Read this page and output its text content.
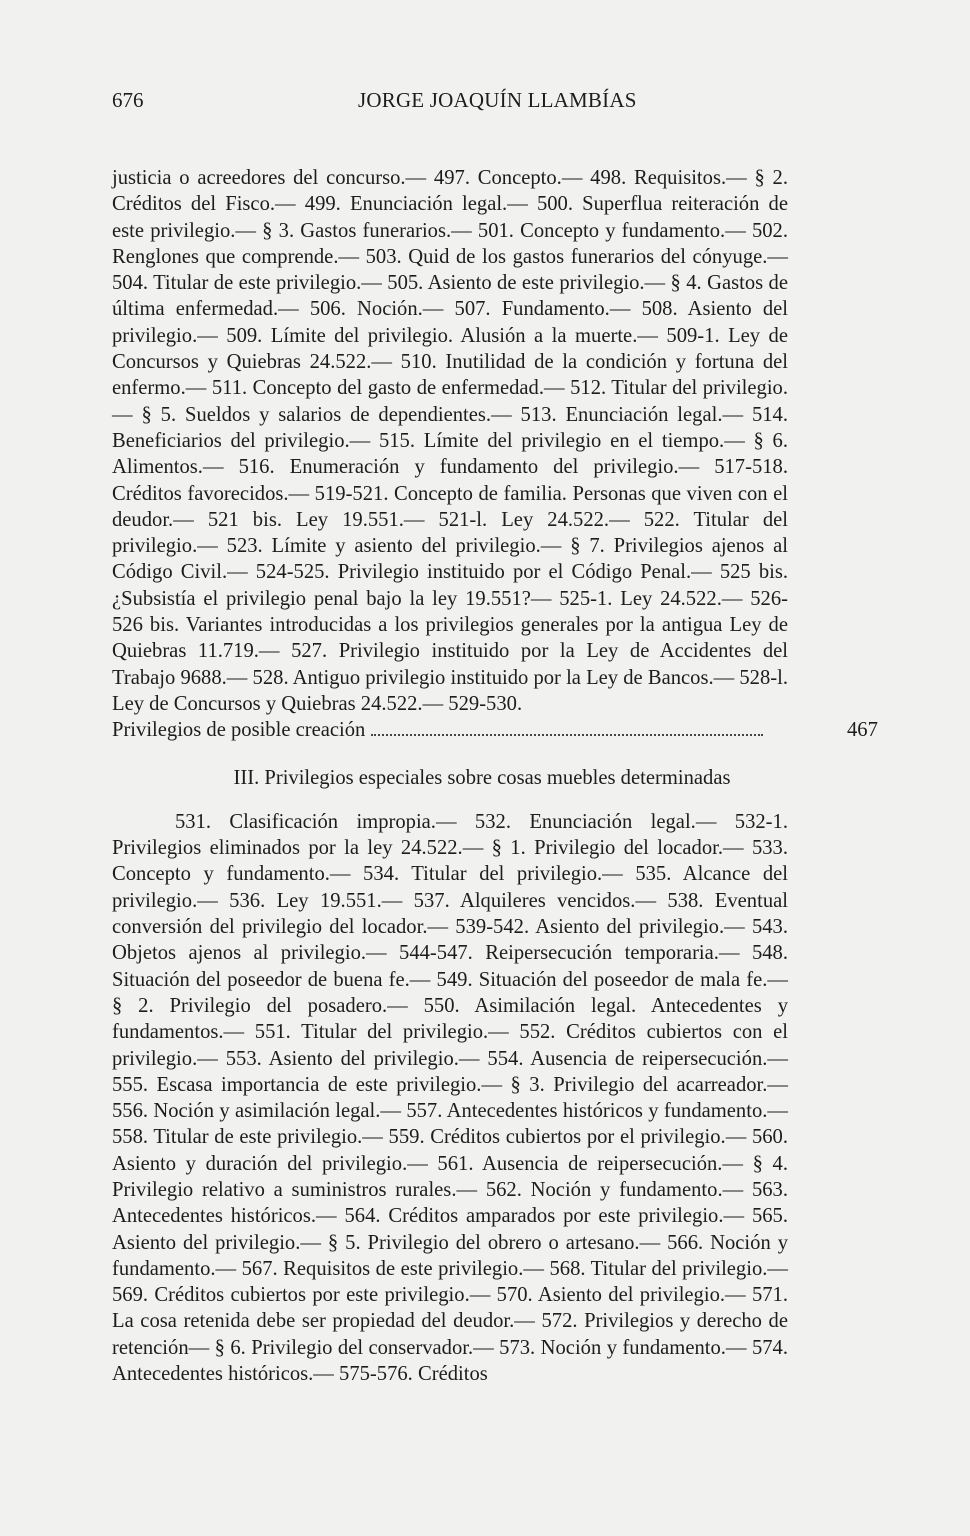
676	JORGE JOAQUÍN LLAMBÍAS

justicia o acreedores del concurso.— 497. Concepto.— 498. Requisitos.— § 2. Créditos del Fisco.— 499. Enunciación legal.— 500. Superflua reiteración de este privilegio.— § 3. Gastos funerarios.— 501. Concepto y fundamento.— 502. Renglones que comprende.— 503. Quid de los gastos funerarios del cónyuge.— 504. Titular de este privilegio.— 505. Asiento de este privilegio.— § 4. Gastos de última enfermedad.— 506. Noción.— 507. Fundamento.— 508. Asiento del privilegio.— 509. Límite del privilegio. Alusión a la muerte.— 509-1. Ley de Concursos y Quiebras 24.522.— 510. Inutilidad de la condición y fortuna del enfermo.— 511. Concepto del gasto de enfermedad.— 512. Titular del privilegio.— § 5. Sueldos y salarios de dependientes.— 513. Enunciación legal.— 514. Beneficiarios del privilegio.— 515. Límite del privilegio en el tiempo.— § 6. Alimentos.— 516. Enumeración y fundamento del privilegio.— 517-518. Créditos favorecidos.— 519-521. Concepto de familia. Personas que viven con el deudor.— 521 bis. Ley 19.551.— 521-l. Ley 24.522.— 522. Titular del privilegio.— 523. Límite y asiento del privilegio.— § 7. Privilegios ajenos al Código Civil.— 524-525. Privilegio instituido por el Código Penal.— 525 bis. ¿Subsistía el privilegio penal bajo la ley 19.551?— 525-1. Ley 24.522.— 526-526 bis. Variantes introducidas a los privilegios generales por la antigua Ley de Quiebras 11.719.— 527. Privilegio instituido por la Ley de Accidentes del Trabajo 9688.— 528. Antiguo privilegio instituido por la Ley de Bancos.— 528-l. Ley de Concursos y Quiebras 24.522.— 529-530.

Privilegios de posible creación	467
III. Privilegios especiales sobre cosas muebles determinadas

531. Clasificación impropia.— 532. Enunciación legal.— 532-1. Privilegios eliminados por la ley 24.522.— § 1. Privilegio del locador.— 533. Concepto y fundamento.— 534. Titular del privilegio.— 535. Alcance del privilegio.— 536. Ley 19.551.— 537. Alquileres vencidos.— 538. Eventual conversión del privilegio del locador.— 539-542. Asiento del privilegio.— 543. Objetos ajenos al privilegio.— 544-547. Reipersecución temporaria.— 548. Situación del poseedor de buena fe.— 549. Situación del poseedor de mala fe.— § 2. Privilegio del posadero.— 550. Asimilación legal. Antecedentes y fundamentos.— 551. Titular del privilegio.— 552. Créditos cubiertos con el privilegio.— 553. Asiento del privilegio.— 554. Ausencia de reipersecución.— 555. Escasa importancia de este privilegio.— § 3. Privilegio del acarreador.— 556. Noción y asimilación legal.— 557. Antecedentes históricos y fundamento.— 558. Titular de este privilegio.— 559. Créditos cubiertos por el privilegio.— 560. Asiento y duración del privilegio.— 561. Ausencia de reipersecución.— § 4. Privilegio relativo a suministros rurales.— 562. Noción y fundamento.— 563. Antecedentes históricos.— 564. Créditos amparados por este privilegio.— 565. Asiento del privilegio.— § 5. Privilegio del obrero o artesano.— 566. Noción y fundamento.— 567. Requisitos de este privilegio.— 568. Titular del privilegio.— 569. Créditos cubiertos por este privilegio.— 570. Asiento del privilegio.— 571. La cosa retenida debe ser propiedad del deudor.— 572. Privilegios y derecho de retención— § 6. Privilegio del conservador.— 573. Noción y fundamento.— 574. Antecedentes históricos.— 575-576. Créditos
